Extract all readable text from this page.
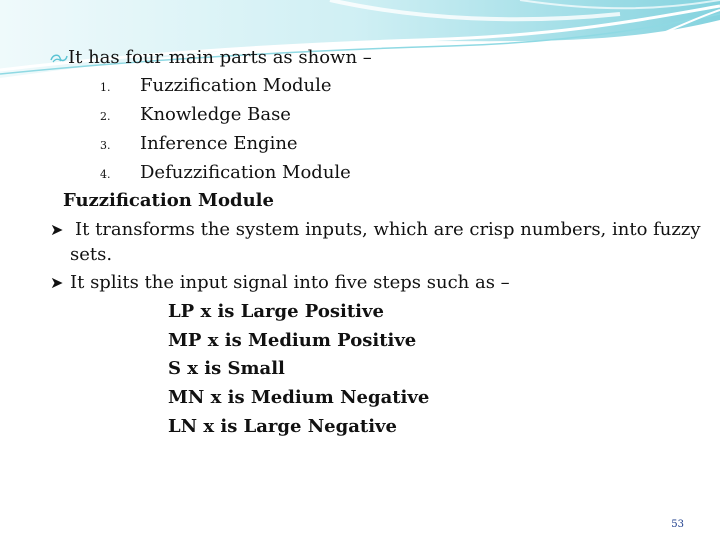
It has four main parts as shown –
1. Fuzzification Module
2. Knowledge Base
3. Inference Engine
4. Defuzzification Module
Fuzzification Module
➤ It transforms the system inputs, which are crisp numbers, into fuzzy
sets.
➤ It splits the input signal into five steps such as –
LP x is Large Positive
MP x is Medium Positive
S x is Small
MN x is Medium Negative
LN x is Large Negative
53
